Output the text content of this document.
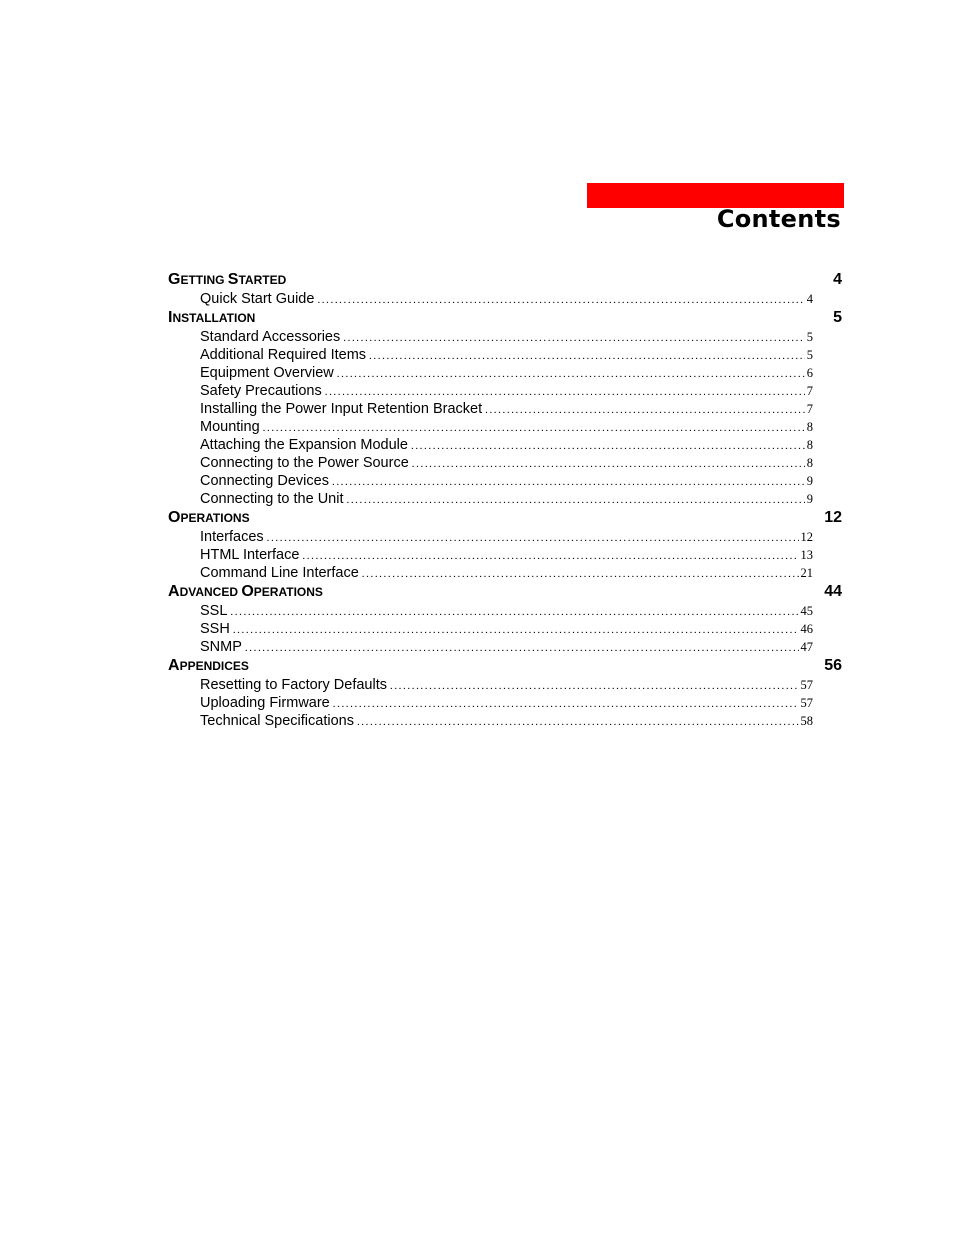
Contents
GETTING STARTED	4
Quick Start Guide .....	4
INSTALLATION	5
Standard Accessories .....	5
Additional Required Items .....	5
Equipment Overview .....	6
Safety Precautions .....	7
Installing the Power Input Retention Bracket .....	7
Mounting .....	8
Attaching the Expansion Module .....	8
Connecting to the Power Source .....	8
Connecting Devices .....	9
Connecting to the Unit .....	9
OPERATIONS	12
Interfaces .....	12
HTML Interface .....	13
Command Line Interface .....	21
ADVANCED OPERATIONS	44
SSL .....	45
SSH .....	46
SNMP .....	47
APPENDICES	56
Resetting to Factory Defaults .....	57
Uploading Firmware .....	57
Technical Specifications .....	58
